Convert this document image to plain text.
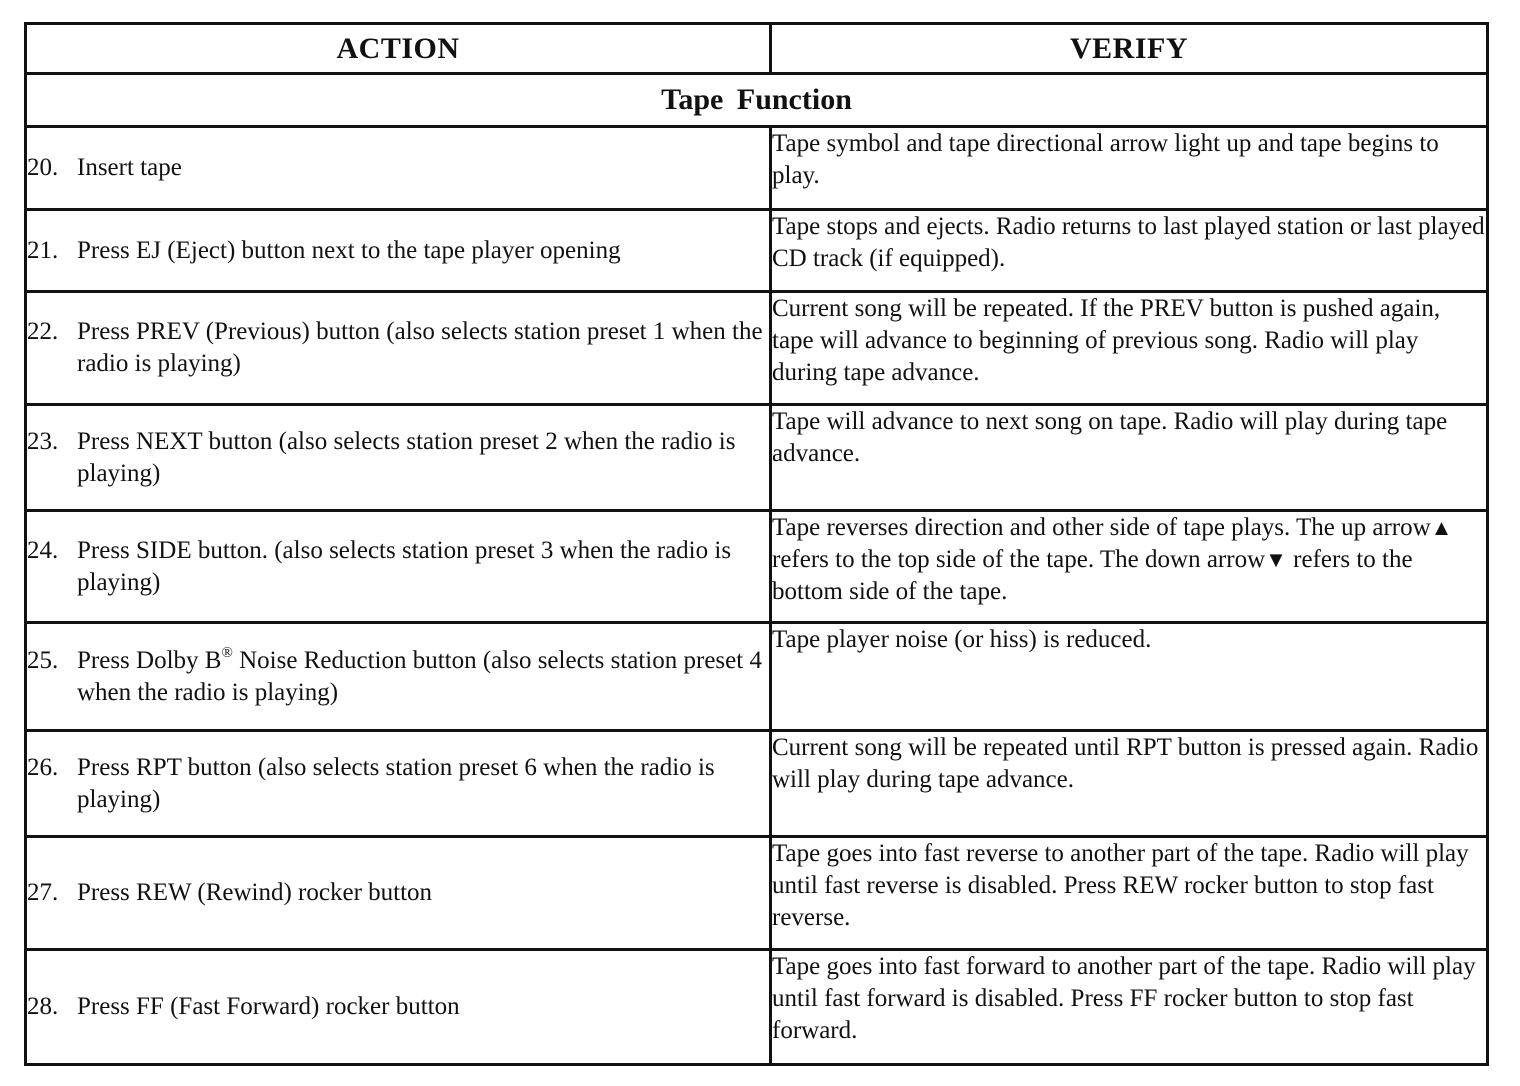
ACTION	VERIFY
Tape Function	

20. Insert tape	Tape symbol and tape directional arrow light up and tape begins to play.

21. Press EJ (Eject) button next to the tape player opening	Tape stops and ejects. Radio returns to last played station or last played CD track (if equipped).

22. Press PREV (Previous) button (also selects station preset 1 when the radio is playing)	Current song will be repeated. If the PREV button is pushed again, tape will advance to beginning of previous song. Radio will play during tape advance.

23. Press NEXT button (also selects station preset 2 when the radio is playing)	Tape will advance to next song on tape. Radio will play during tape advance.

24. Press SIDE button. (also selects station preset 3 when the radio is playing)	Tape reverses direction and other side of tape plays. The up arrow▲ refers to the top side of the tape. The down arrow▼ refers to the bottom side of the tape.

25. Press Dolby B® Noise Reduction button (also selects station preset 4 when the radio is playing)	Tape player noise (or hiss) is reduced.

26. Press RPT button (also selects station preset 6 when the radio is playing)	Current song will be repeated until RPT button is pressed again. Radio will play during tape advance.

27. Press REW (Rewind) rocker button	Tape goes into fast reverse to another part of the tape. Radio will play until fast reverse is disabled. Press REW rocker button to stop fast reverse.

28. Press FF (Fast Forward) rocker button	Tape goes into fast forward to another part of the tape. Radio will play until fast forward is disabled. Press FF rocker button to stop fast forward.
